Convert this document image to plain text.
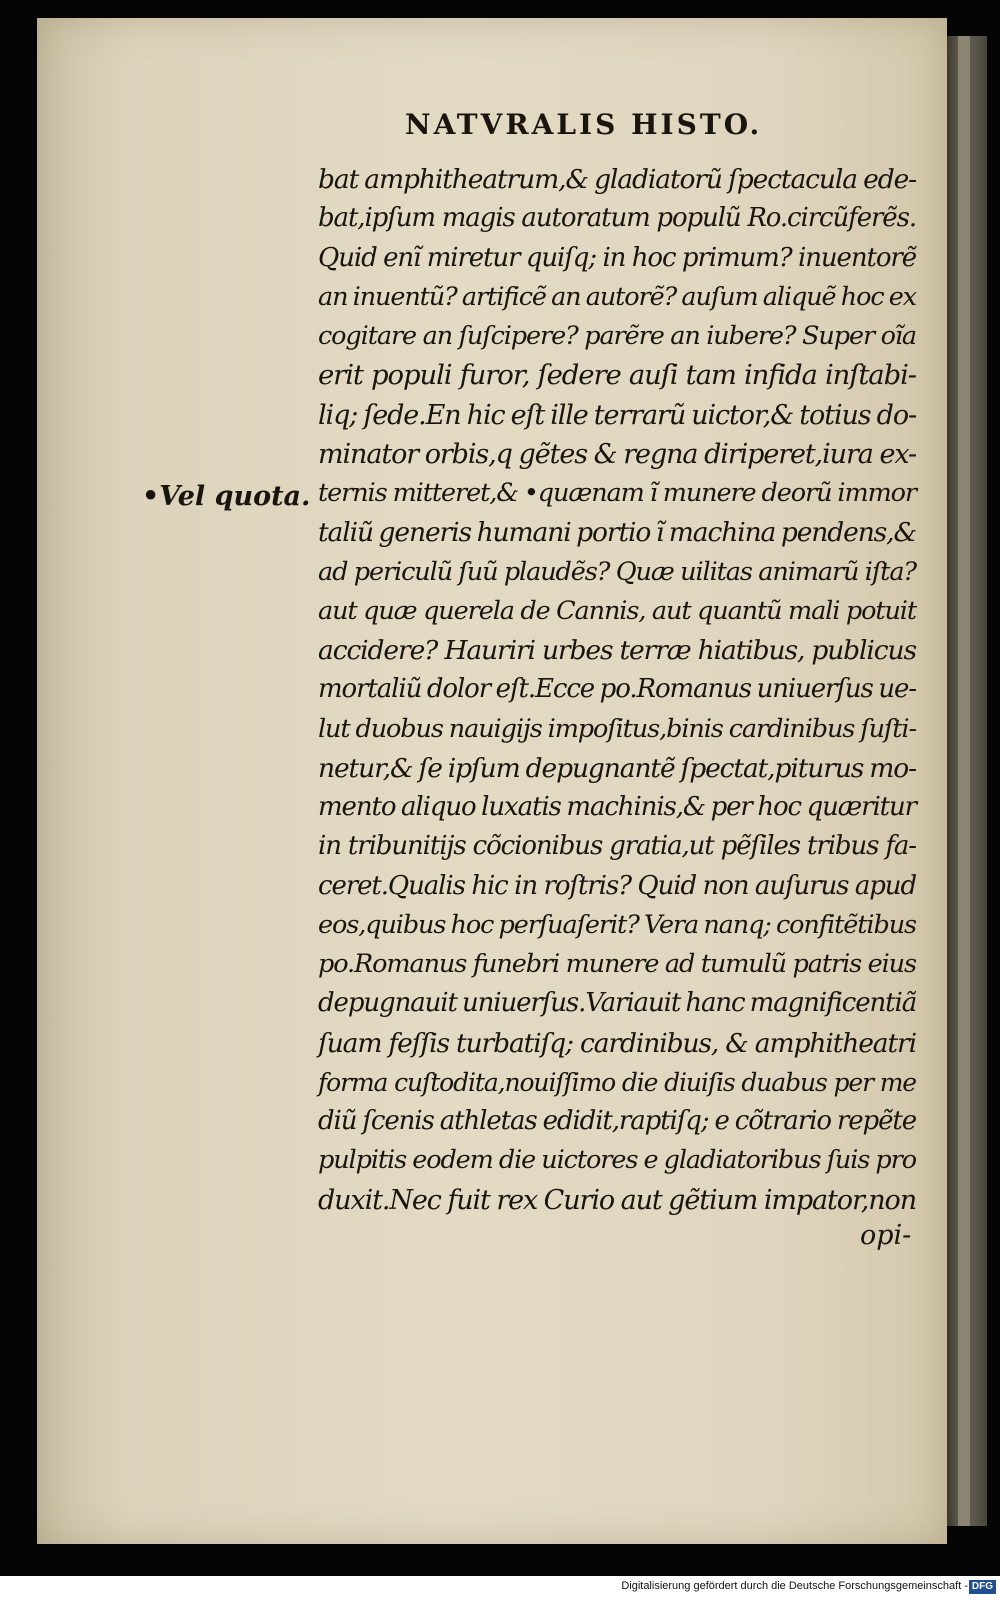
NATVRALIS HISTO.
•Vel quota.
bat amphitheatrum,& gladiatorũ ſpectacula ede-
bat,ipſum magis autoratum populũ Ro.circũferẽs.
Quid enĩ miretur quiſq; in hoc primum? inuentorẽ
an inuentũ? artificẽ an autorẽ? auſum aliquẽ hoc ex
cogitare an ſuſcipere? parẽre an iubere? Super oĩa
erit populi furor, ſedere auſi tam infida inſtabi-
liq; ſede.En hic eſt ille terrarũ uictor,& totius do-
minator orbis,q gẽtes & regna diriperet,iura ex-
ternis mitteret,& •quænam ĩ munere deorũ immor
taliũ generis humani portio ĩ machina pendens,&
ad periculũ ſuũ plaudẽs? Quæ uilitas animarũ iſta?
aut quæ querela de Cannis, aut quantũ mali potuit
accidere? Hauriri urbes terræ hiatibus, publicus
mortaliũ dolor eſt.Ecce po.Romanus uniuerſus ue-
lut duobus nauigijs impoſitus,binis cardinibus ſuſti-
netur,& ſe ipſum depugnantẽ ſpectat,piturus mo-
mento aliquo luxatis machinis,& per hoc quæritur
in tribunitijs cõcionibus gratia,ut pẽſiles tribus fa-
ceret.Qualis hic in roſtris? Quid non auſurus apud
eos,quibus hoc perſuaſerit? Vera nanq; confitẽtibus
po.Romanus funebri munere ad tumulũ patris eius
depugnauit uniuerſus.Variauit hanc magnificentiã
ſuam feſſis turbatiſq; cardinibus, & amphitheatri
forma cuſtodita,nouiſſimo die diuiſis duabus per me
diũ ſcenis athletas edidit,raptiſq; e cõtrario repẽte
pulpitis eodem die uictores e gladiatoribus ſuis pro
duxit.Nec fuit rex Curio aut gẽtium impator,non
opi-
Digitalisierung gefördert durch die Deutsche Forschungsgemeinschaft - DFG
